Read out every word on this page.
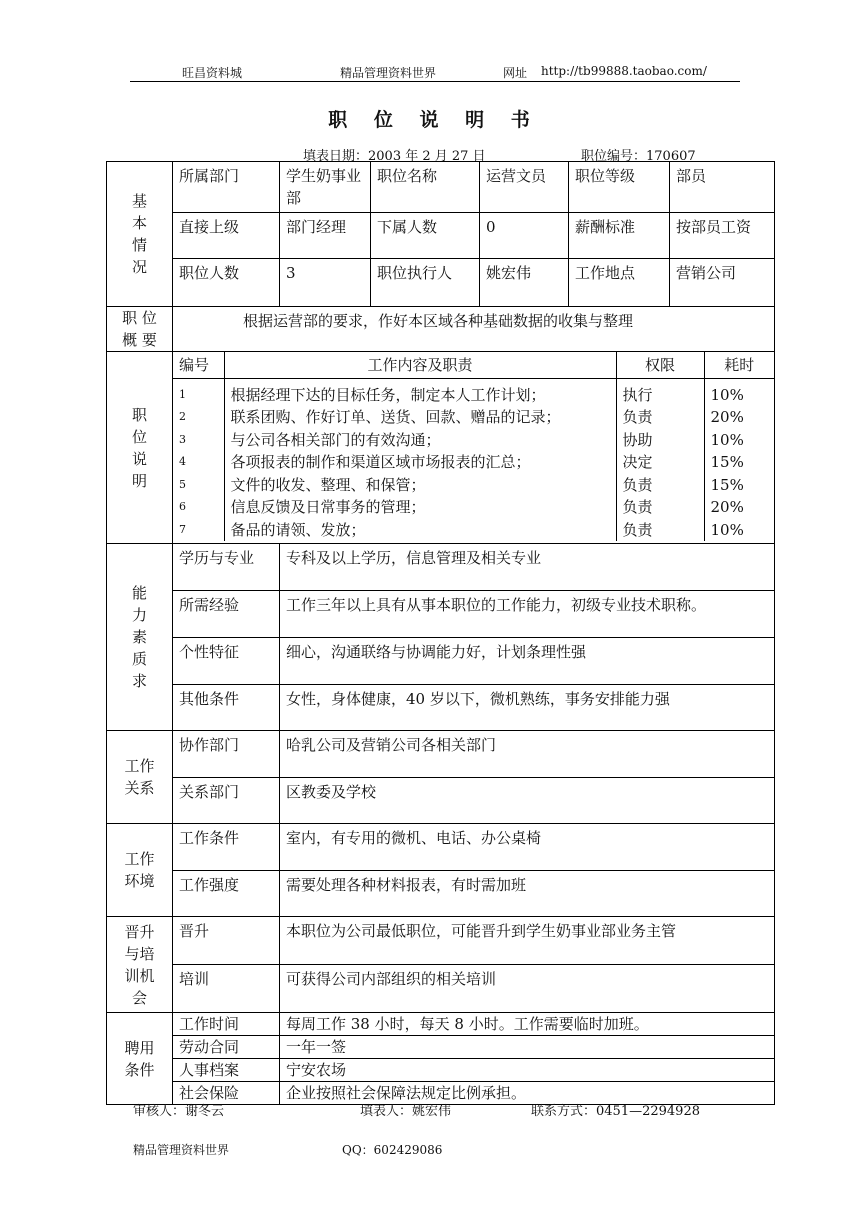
旺昌资料城	精品管理资料世界	网址 http://tb99888.taobao.com/
职 位 说 明 书
填表日期：2003 年 2 月 27 日	职位编号：170607
基本情况	所属部门	学生奶事业部	职位名称	运营文员	职位等级	部员
直接上级	部门经理	下属人数	0	薪酬标准	按部员工资
职位人数	3	职位执行人	姚宏伟	工作地点	营销公司
职 位 概 要	根据运营部的要求，作好本区域各种基础数据的收集与整理
职位说明	
编号	工作内容及职责	权限	耗时

1	根据经理下达的目标任务，制定本人工作计划；	执行	10%
2	联系团购、作好订单、送货、回款、赠品的记录；	负责	20%
3	与公司各相关部门的有效沟通；	协助	10%
4	各项报表的制作和渠道区域市场报表的汇总；	决定	15%
5	文件的收发、整理、和保管；	负责	15%
6	信息反馈及日常事务的管理；	负责	20%
7	备品的请领、发放；	负责	10%

能力素质求	学历与专业	专科及以上学历，信息管理及相关专业
所需经验	工作三年以上具有从事本职位的工作能力，初级专业技术职称。
个性特征	细心，沟通联络与协调能力好，计划条理性强
其他条件	女性，身体健康，40 岁以下，微机熟练，事务安排能力强
工作关系	协作部门	哈乳公司及营销公司各相关部门
关系部门	区教委及学校
工作环境	工作条件	室内，有专用的微机、电话、办公桌椅
工作强度	需要处理各种材料报表，有时需加班
晋升与培训机会	晋升	本职位为公司最低职位，可能晋升到学生奶事业部业务主管
培训	可获得公司内部组织的相关培训
聘用条件	工作时间	每周工作 38 小时，每天 8 小时。工作需要临时加班。
劳动合同	一年一签
人事档案	宁安农场
社会保险	企业按照社会保障法规定比例承担。
审核人：谢冬云	填表人：姚宏伟	联系方式：0451—2294928
精品管理资料世界	QQ：602429086
